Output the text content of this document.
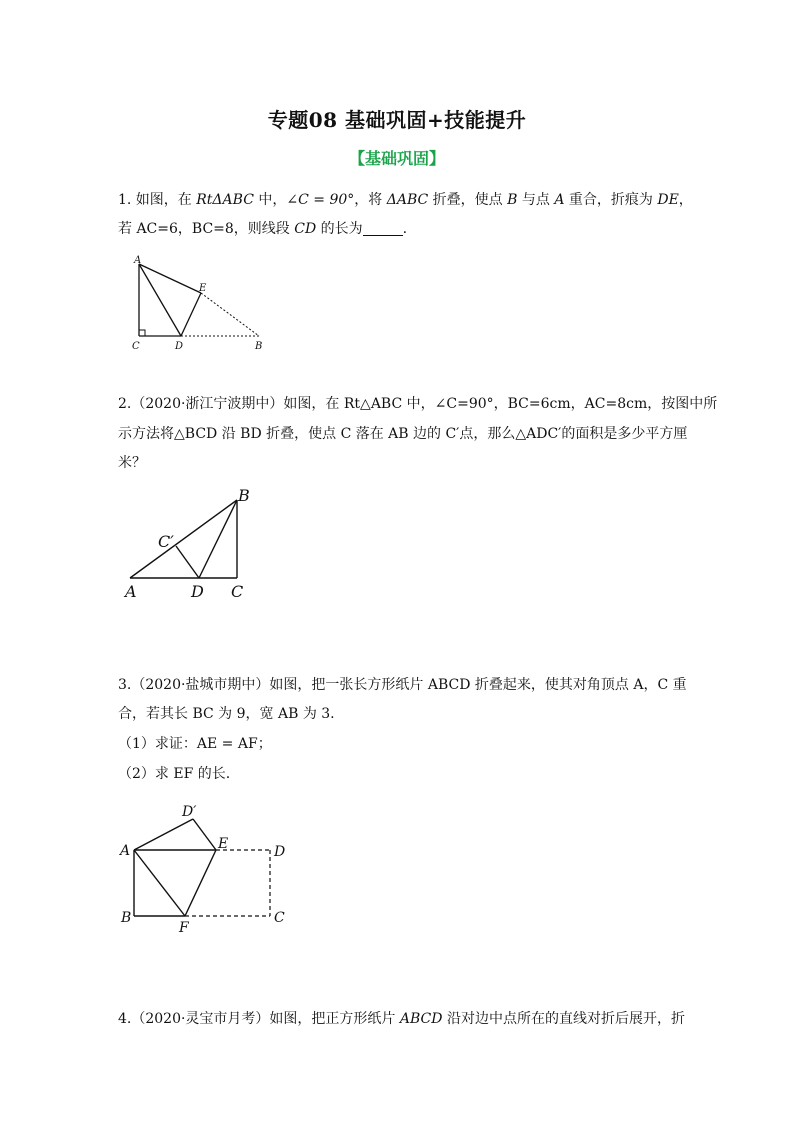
专题08 基础巩固+技能提升
【基础巩固】
1. 如图，在 RtΔABC 中，∠C = 90°，将 ΔABC 折叠，使点 B 与点 A 重合，折痕为 DE，
若 AC=6，BC=8，则线段 CD 的长为	.
A
C	D
E
B
2.（2020·浙江宁波期中）如图，在 Rt△ABC 中，∠C=90°，BC=6cm，AC=8cm，按图中所
示方法将△BCD 沿 BD 折叠，使点 C 落在 AB 边的 C′点，那么△ADC′的面积是多少平方厘
米？
B
C′
A	D C
3.（2020·盐城市期中）如图，把一张长方形纸片 ABCD 折叠起来，使其对角顶点 A，C 重
合，若其长 BC 为 9，宽 AB 为 3.
（1）求证：AE = AF；
（2）求 EF 的长.
D′
A	E	D
B
F
C
4.（2020·灵宝市月考）如图，把正方形纸片 ABCD 沿对边中点所在的直线对折后展开，折
